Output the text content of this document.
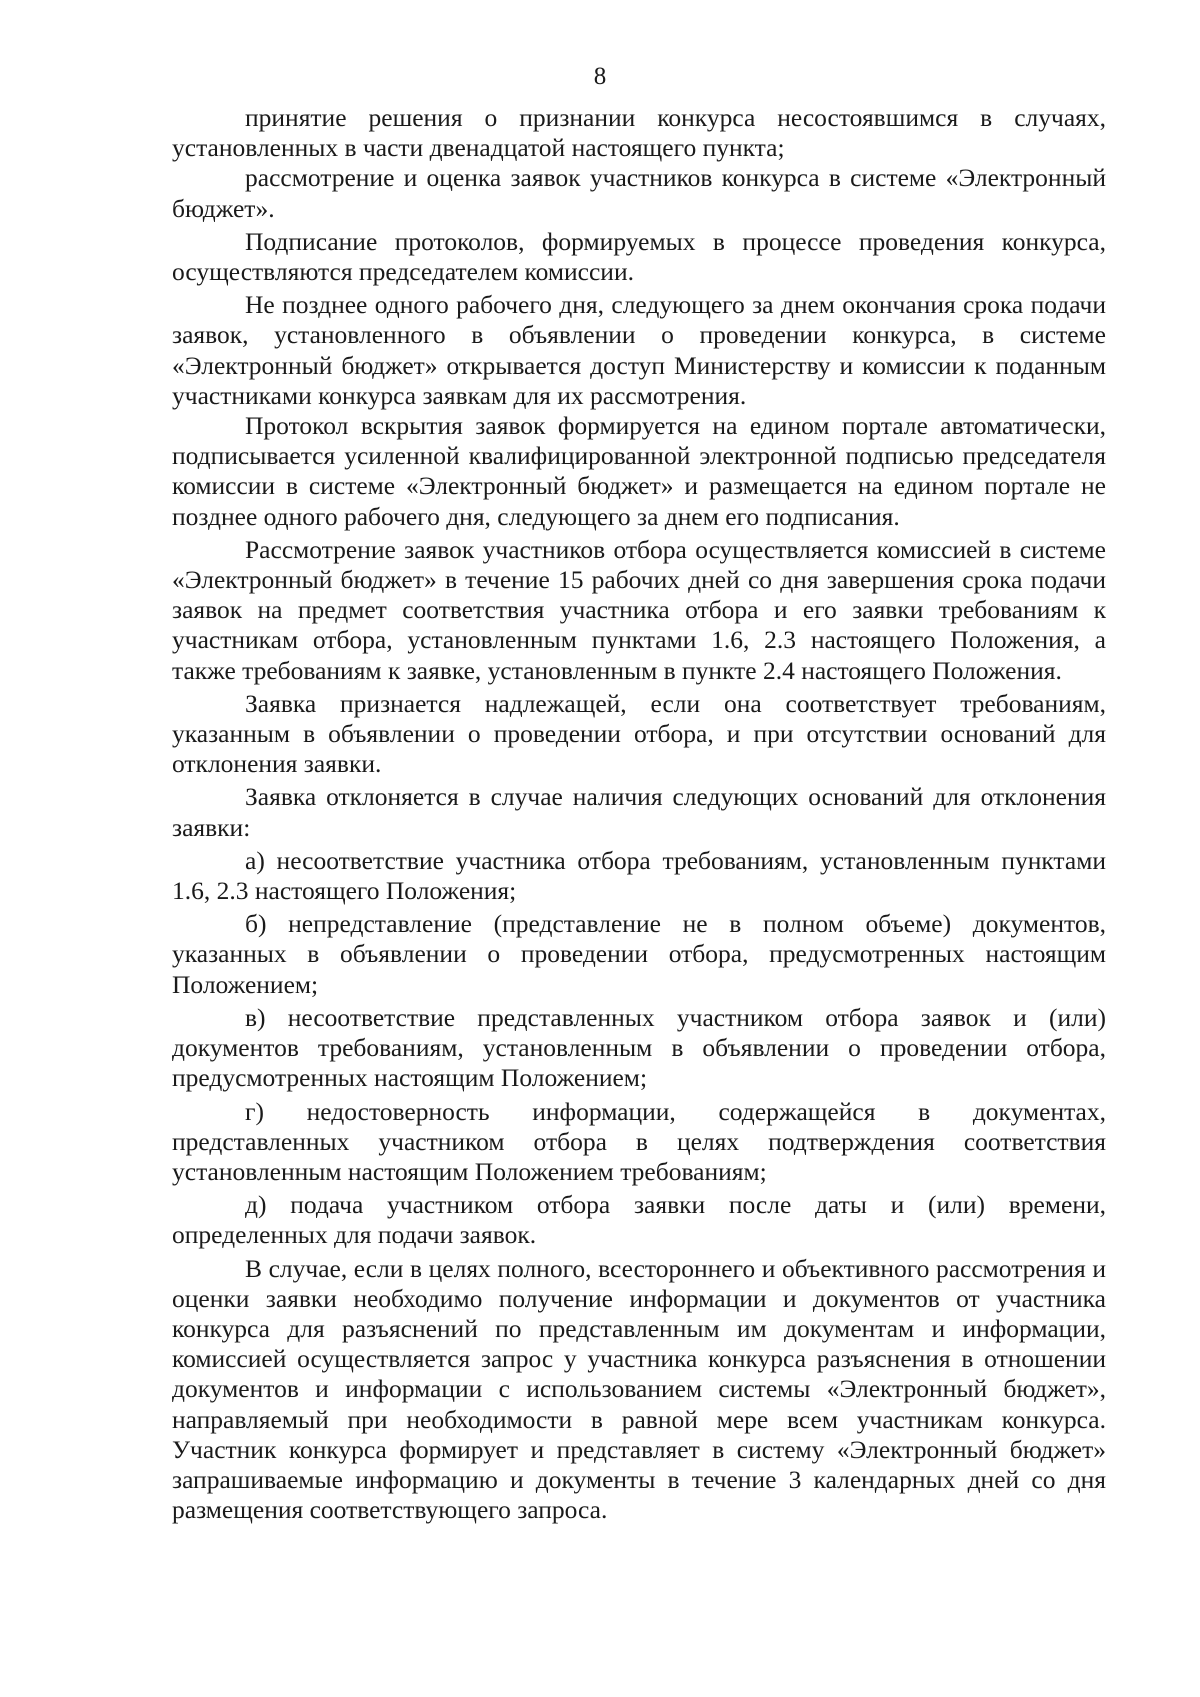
8

принятие решения о признании конкурса несостоявшимся в случаях, установленных в части двенадцатой настоящего пункта;

рассмотрение и оценка заявок участников конкурса в системе «Электронный бюджет».

Подписание протоколов, формируемых в процессе проведения конкурса, осуществляются председателем комиссии.

Не позднее одного рабочего дня, следующего за днем окончания срока подачи заявок, установленного в объявлении о проведении конкурса, в системе «Электронный бюджет» открывается доступ Министерству и комиссии к поданным участниками конкурса заявкам для их рассмотрения.

Протокол вскрытия заявок формируется на едином портале автоматически, подписывается усиленной квалифицированной электронной подписью председателя комиссии в системе «Электронный бюджет» и размещается на едином портале не позднее одного рабочего дня, следующего за днем его подписания.

Рассмотрение заявок участников отбора осуществляется комиссией в системе «Электронный бюджет» в течение 15 рабочих дней со дня завершения срока подачи заявок на предмет соответствия участника отбора и его заявки требованиям к участникам отбора, установленным пунктами 1.6, 2.3 настоящего Положения, а также требованиям к заявке, установленным в пункте 2.4 настоящего Положения.

Заявка признается надлежащей, если она соответствует требованиям, указанным в объявлении о проведении отбора, и при отсутствии оснований для отклонения заявки.

Заявка отклоняется в случае наличия следующих оснований для отклонения заявки:

а) несоответствие участника отбора требованиям, установленным пунктами 1.6, 2.3 настоящего Положения;

б) непредставление (представление не в полном объеме) документов, указанных в объявлении о проведении отбора, предусмотренных настоящим Положением;

в) несоответствие представленных участником отбора заявок и (или) документов требованиям, установленным в объявлении о проведении отбора, предусмотренных настоящим Положением;

г) недостоверность информации, содержащейся в документах, представленных участником отбора в целях подтверждения соответствия установленным настоящим Положением требованиям;

д) подача участником отбора заявки после даты и (или) времени, определенных для подачи заявок.

В случае, если в целях полного, всестороннего и объективного рассмотрения и оценки заявки необходимо получение информации и документов от участника конкурса для разъяснений по представленным им документам и информации, комиссией осуществляется запрос у участника конкурса разъяснения в отношении документов и информации с использованием системы «Электронный бюджет», направляемый при необходимости в равной мере всем участникам конкурса. Участник конкурса формирует и представляет в систему «Электронный бюджет» запрашиваемые информацию и документы в течение 3 календарных дней со дня размещения соответствующего запроса.
